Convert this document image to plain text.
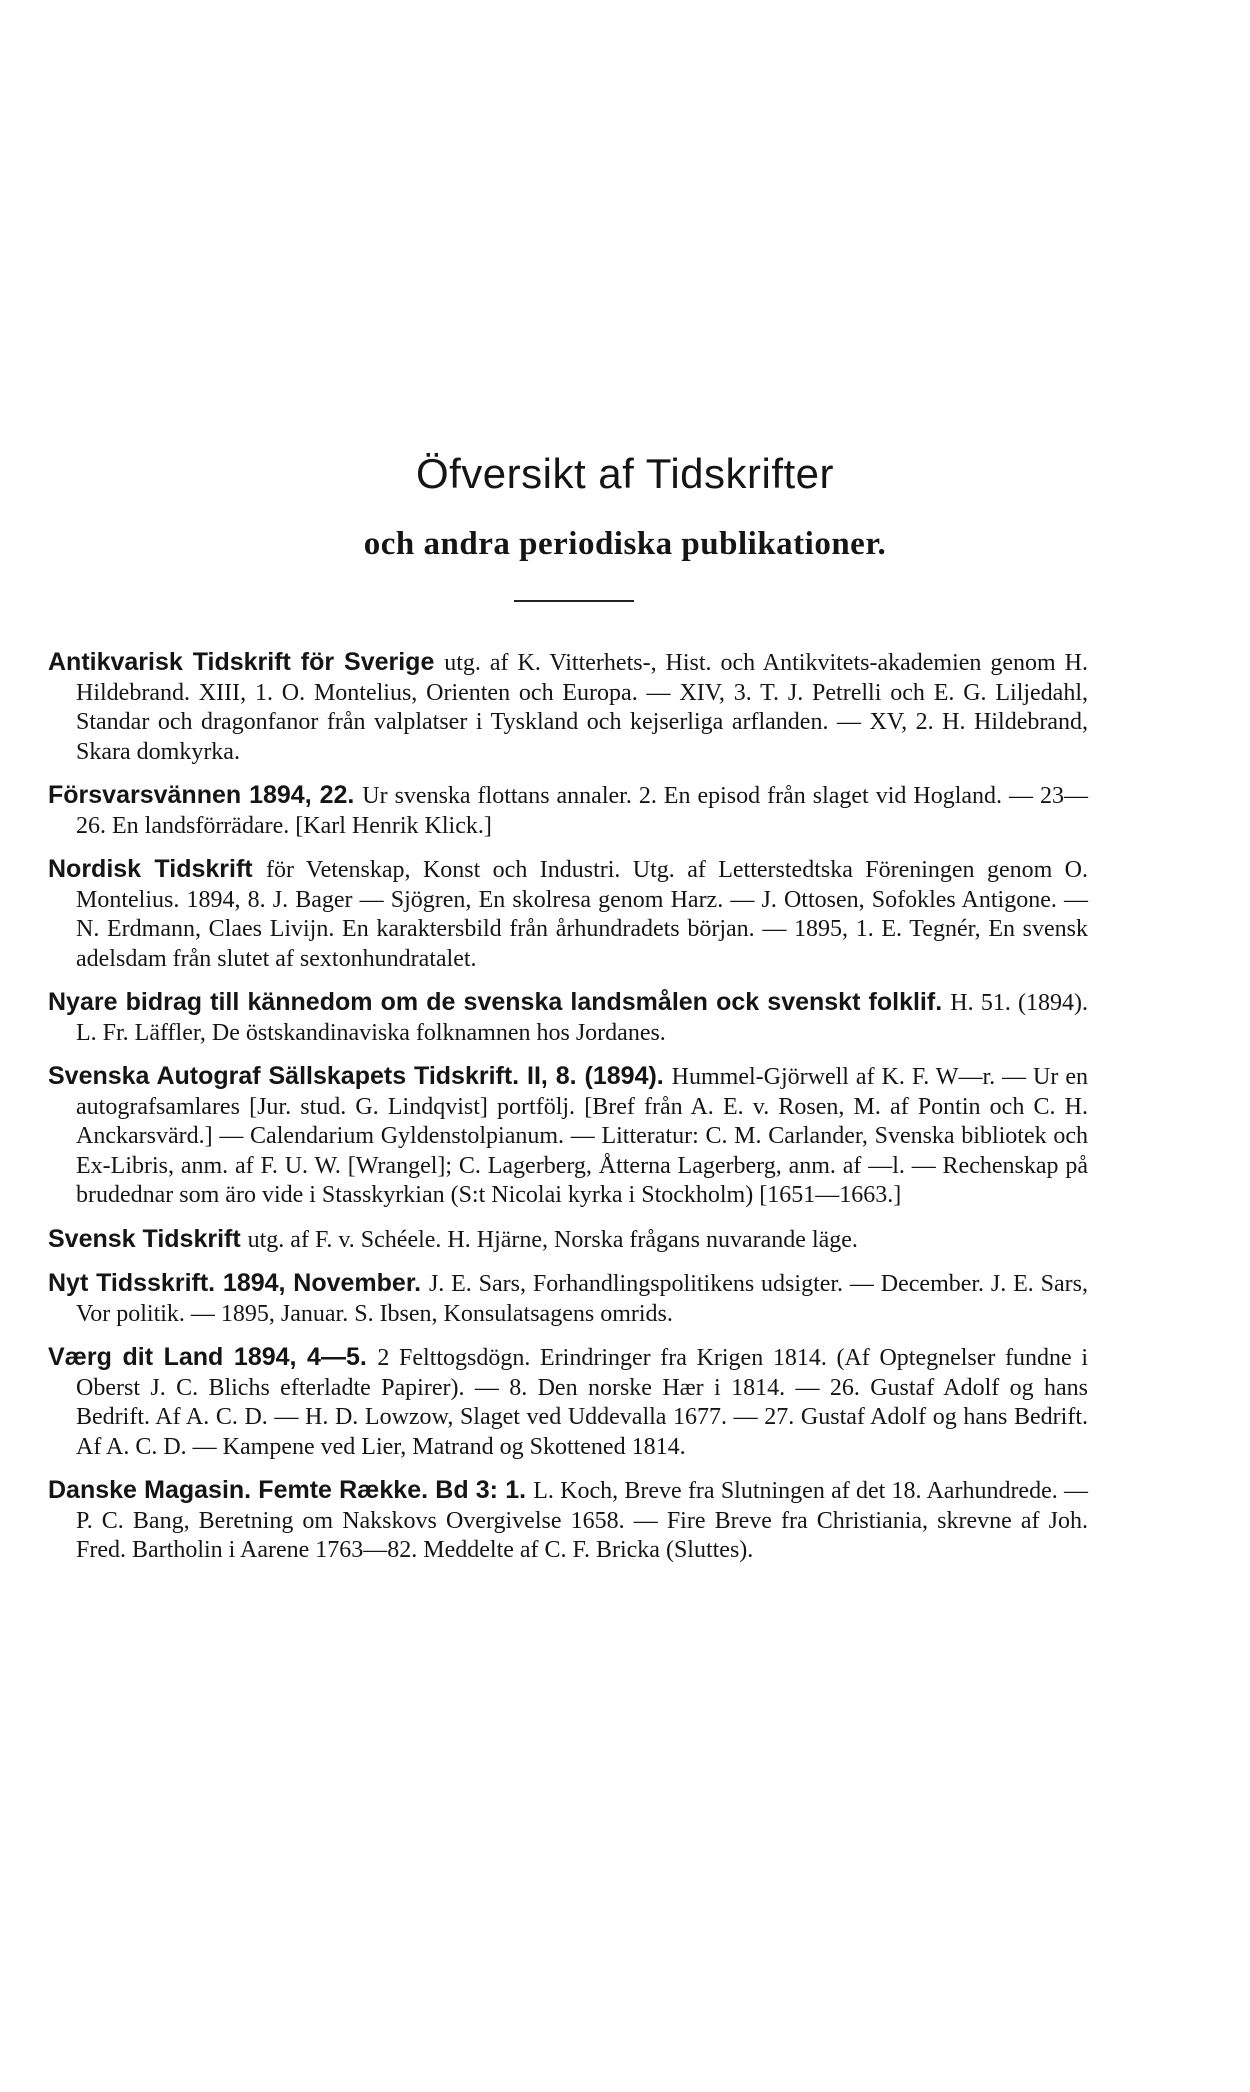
Öfversikt af Tidskrifter
och andra periodiska publikationer.

Antikvarisk Tidskrift för Sverige utg. af K. Vitterhets-, Hist. och Antikvitets-akademien genom H. Hildebrand. XIII, 1. O. Montelius, Orienten och Europa. — XIV, 3. T. J. Petrelli och E. G. Liljedahl, Standar och dragonfanor från valplatser i Tyskland och kejserliga arflanden. — XV, 2. H. Hildebrand, Skara domkyrka.

Försvarsvännen 1894, 22. Ur svenska flottans annaler. 2. En episod från slaget vid Hogland. — 23—26. En landsförrädare. [Karl Henrik Klick.]

Nordisk Tidskrift för Vetenskap, Konst och Industri. Utg. af Letterstedtska Föreningen genom O. Montelius. 1894, 8. J. Bager — Sjögren, En skolresa genom Harz. — J. Ottosen, Sofokles Antigone. — N. Erdmann, Claes Livijn. En karaktersbild från århundradets början. — 1895, 1. E. Tegnér, En svensk adelsdam från slutet af sextonhundratalet.

Nyare bidrag till kännedom om de svenska landsmålen ock svenskt folklif. H. 51. (1894). L. Fr. Läffler, De östskandinaviska folknamnen hos Jordanes.

Svenska Autograf Sällskapets Tidskrift. II, 8. (1894). Hummel-Gjörwell af K. F. W—r. — Ur en autografsamlares [Jur. stud. G. Lindqvist] portfölj. [Bref från A. E. v. Rosen, M. af Pontin och C. H. Anckarsvärd.] — Calendarium Gyldenstolpianum. — Litteratur: C. M. Carlander, Svenska bibliotek och Ex-Libris, anm. af F. U. W. [Wrangel]; C. Lagerberg, Åtterna Lagerberg, anm. af —l. — Rechenskap på brudednar som äro vide i Stasskyrkian (S:t Nicolai kyrka i Stockholm) [1651—1663.]

Svensk Tidskrift utg. af F. v. Schéele. H. Hjärne, Norska frågans nuvarande läge.

Nyt Tidsskrift. 1894, November. J. E. Sars, Forhandlingspolitikens udsigter. — December. J. E. Sars, Vor politik. — 1895, Januar. S. Ibsen, Konsulatsagens omrids.

Værg dit Land 1894, 4—5. 2 Felttogsdögn. Erindringer fra Krigen 1814. (Af Optegnelser fundne i Oberst J. C. Blichs efterladte Papirer). — 8. Den norske Hær i 1814. — 26. Gustaf Adolf og hans Bedrift. Af A. C. D. — H. D. Lowzow, Slaget ved Uddevalla 1677. — 27. Gustaf Adolf og hans Bedrift. Af A. C. D. — Kampene ved Lier, Matrand og Skottened 1814.

Danske Magasin. Femte Række. Bd 3: 1. L. Koch, Breve fra Slutningen af det 18. Aarhundrede. — P. C. Bang, Beretning om Nakskovs Overgivelse 1658. — Fire Breve fra Christiania, skrevne af Joh. Fred. Bartholin i Aarene 1763—82. Meddelte af C. F. Bricka (Sluttes).
